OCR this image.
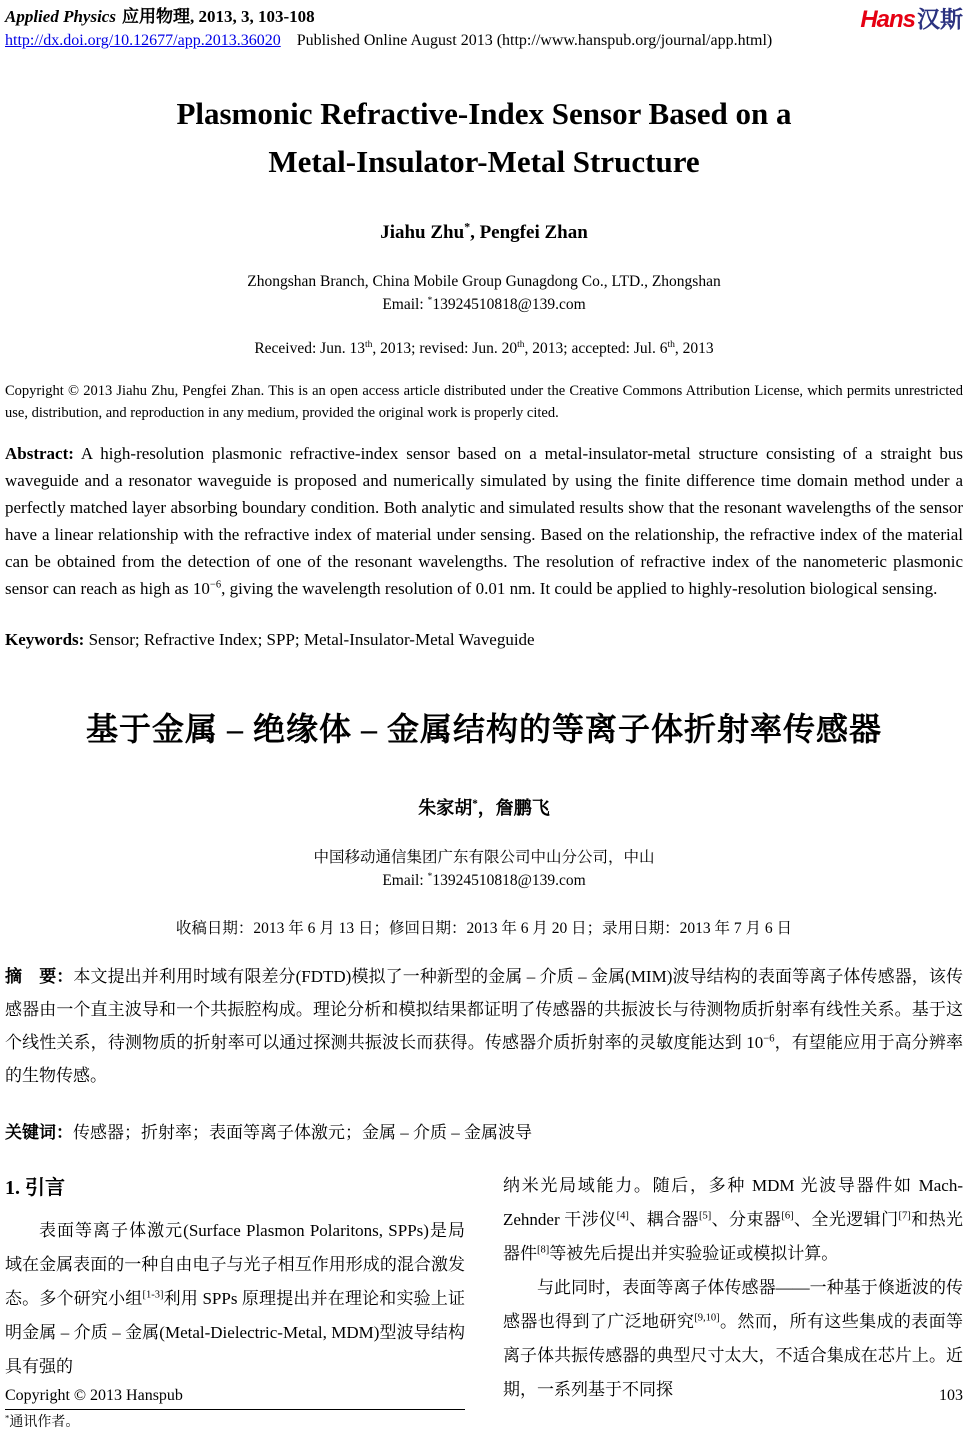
Applied Physics 应用物理, 2013, 3, 103-108
http://dx.doi.org/10.12677/app.2013.36020 Published Online August 2013 (http://www.hanspub.org/journal/app.html)
Hans汉斯
Plasmonic Refractive-Index Sensor Based on a
Metal-Insulator-Metal Structure
Jiahu Zhu*, Pengfei Zhan
Zhongshan Branch, China Mobile Group Gunagdong Co., LTD., Zhongshan
Email: *13924510818@139.com
Received: Jun. 13th, 2013; revised: Jun. 20th, 2013; accepted: Jul. 6th, 2013

Copyright © 2013 Jiahu Zhu, Pengfei Zhan. This is an open access article distributed under the Creative Commons Attribution License, which permits unrestricted use, distribution, and reproduction in any medium, provided the original work is properly cited.

Abstract: A high-resolution plasmonic refractive-index sensor based on a metal-insulator-metal structure consisting of a straight bus waveguide and a resonator waveguide is proposed and numerically simulated by using the finite difference time domain method under a perfectly matched layer absorbing boundary condition. Both analytic and simulated results show that the resonant wavelengths of the sensor have a linear relationship with the refractive index of material under sensing. Based on the relationship, the refractive index of the material can be obtained from the detection of one of the resonant wavelengths. The resolution of refractive index of the nanometeric plasmonic sensor can reach as high as $10^{-6}$, giving the wavelength resolution of 0.01 nm. It could be applied to highly-resolution biological sensing.

Keywords: Sensor; Refractive Index; SPP; Metal-Insulator-Metal Waveguide

基于金属 – 绝缘体 – 金属结构的等离子体折射率传感器
朱家胡*，詹鹏飞
中国移动通信集团广东有限公司中山分公司，中山
Email: *13924510818@139.com
收稿日期：2013 年 6 月 13 日；修回日期：2013 年 6 月 20 日；录用日期：2013 年 7 月 6 日

摘　要：本文提出并利用时域有限差分(FDTD)模拟了一种新型的金属 – 介质 – 金属(MIM)波导结构的表面等离子体传感器，该传感器由一个直主波导和一个共振腔构成。理论分析和模拟结果都证明了传感器的共振波长与待测物质折射率有线性关系。基于这个线性关系，待测物质的折射率可以通过探测共振波长而获得。传感器介质折射率的灵敏度能达到 $10^{-6}$，有望能应用于高分辨率的生物传感。

关键词：传感器；折射率；表面等离子体激元；金属 – 介质 – 金属波导

1. 引言

表面等离子体激元(Surface Plasmon Polaritons, SPPs)是局域在金属表面的一种自由电子与光子相互作用形成的混合激发态。多个研究小组[1-3]利用 SPPs 原理提出并在理论和实验上证明金属 – 介质 – 金属(Metal-Dielectric-Metal, MDM)型波导结构具有强的

*通讯作者。

纳米光局域能力。随后，多种 MDM 光波导器件如 Mach-Zehnder 干涉仪[4]、耦合器[5]、分束器[6]、全光逻辑门[7]和热光器件[8]等被先后提出并实验验证或模拟计算。

与此同时，表面等离子体传感器——一种基于倏逝波的传感器也得到了广泛地研究[9,10]。然而，所有这些集成的表面等离子体共振传感器的典型尺寸太大，不适合集成在芯片上。近期，一系列基于不同探

Copyright © 2013 Hanspub	103
